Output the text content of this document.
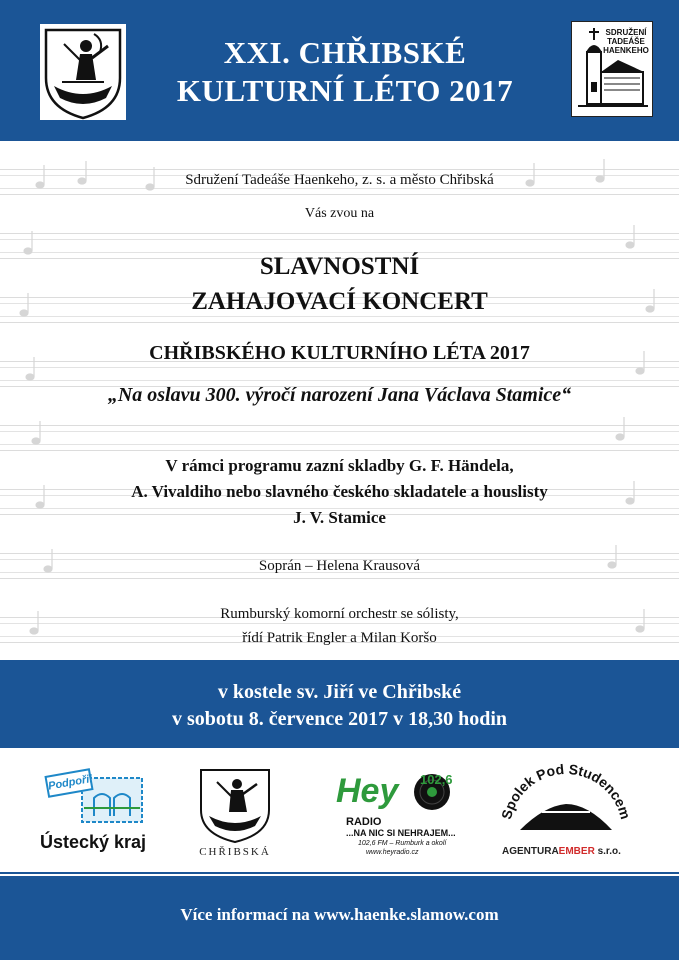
XXI. CHŘIBSKÉ
KULTURNÍ LÉTO 2017
SDRUŽENÍ
TADEÁŠE
HAENKEHO
Sdružení Tadeáše Haenkeho, z. s. a město Chřibská
Vás zvou na
SLAVNOSTNÍ
ZAHAJOVACÍ KONCERT
CHŘIBSKÉHO KULTURNÍHO LÉTA 2017
„Na oslavu 300. výročí narození Jana Václava Stamice“
V rámci programu zazní skladby G. F. Händela,
A. Vivaldiho nebo slavného českého skladatele a houslisty
J. V. Stamice
Soprán – Helena Krausová
Rumburský komorní orchestr se sólisty,
řídí Patrik Engler a Milan Koršo
v kostele sv. Jiří ve Chřibské
v sobotu 8. července 2017 v 18,30 hodin
Podpořil
Ústecký kraj	CHŘIBSKÁ
Hey 102,6
RADIO
...NA NIC SI NEHRAJEM...
102,6 FM – Rumburk a okolí
www.heyradio.cz
Spolek Pod Studencem
AGENTURAEMBER s.r.o.
Více informací na www.haenke.slamow.com
